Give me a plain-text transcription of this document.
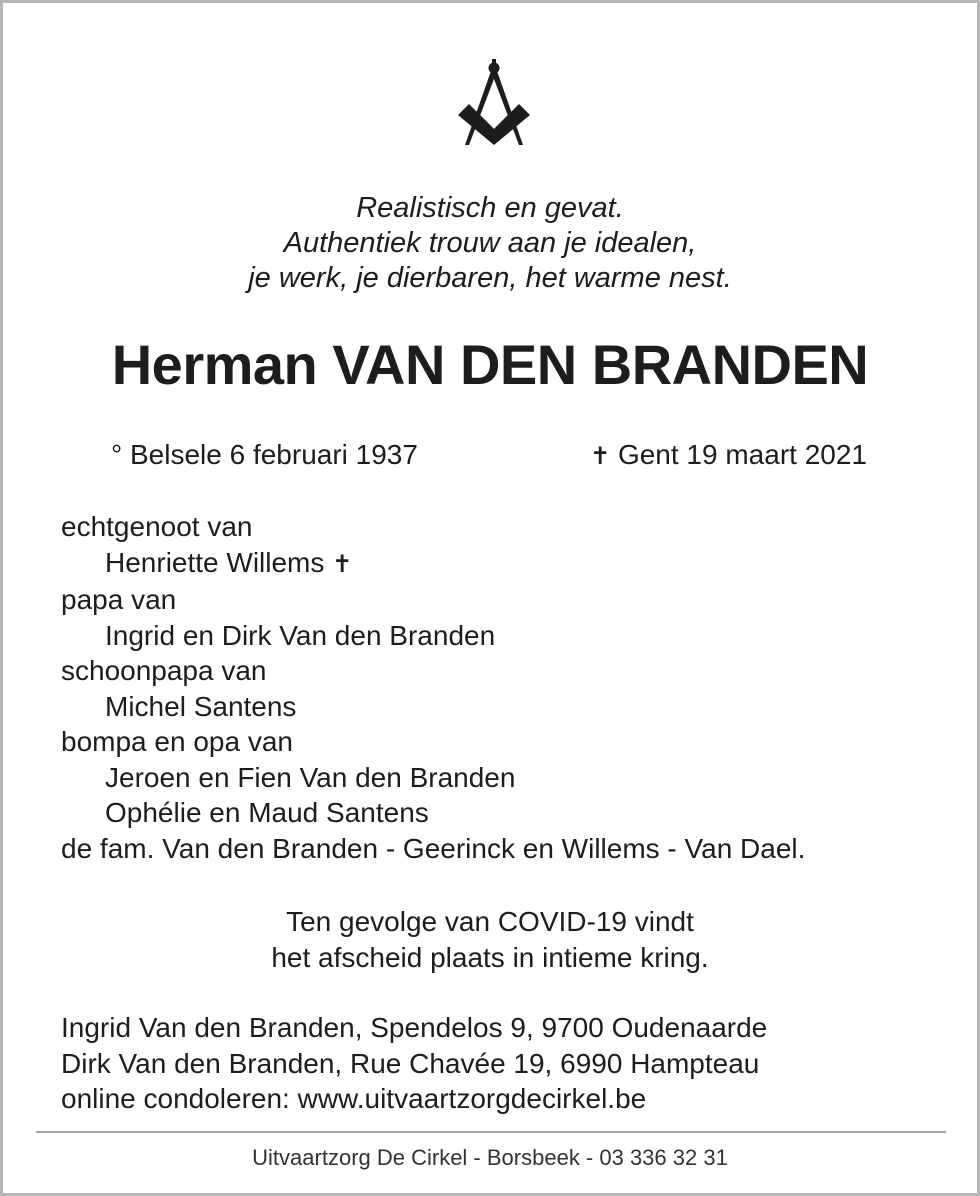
Realistisch en gevat.
Authentiek trouw aan je idealen,
je werk, je dierbaren, het warme nest.
Herman VAN DEN BRANDEN
° Belsele 6 februari 1937	✝ Gent 19 maart 2021
echtgenoot van
Henriette Willems ✝
papa van
Ingrid en Dirk Van den Branden
schoonpapa van
Michel Santens
bompa en opa van
Jeroen en Fien Van den Branden
Ophélie en Maud Santens
de fam. Van den Branden - Geerinck en Willems - Van Dael.
Ten gevolge van COVID-19 vindt
het afscheid plaats in intieme kring.
Ingrid Van den Branden, Spendelos 9, 9700 Oudenaarde
Dirk Van den Branden, Rue Chavée 19, 6990 Hampteau
online condoleren: www.uitvaartzorgdecirkel.be
Uitvaartzorg De Cirkel - Borsbeek - 03 336 32 31
